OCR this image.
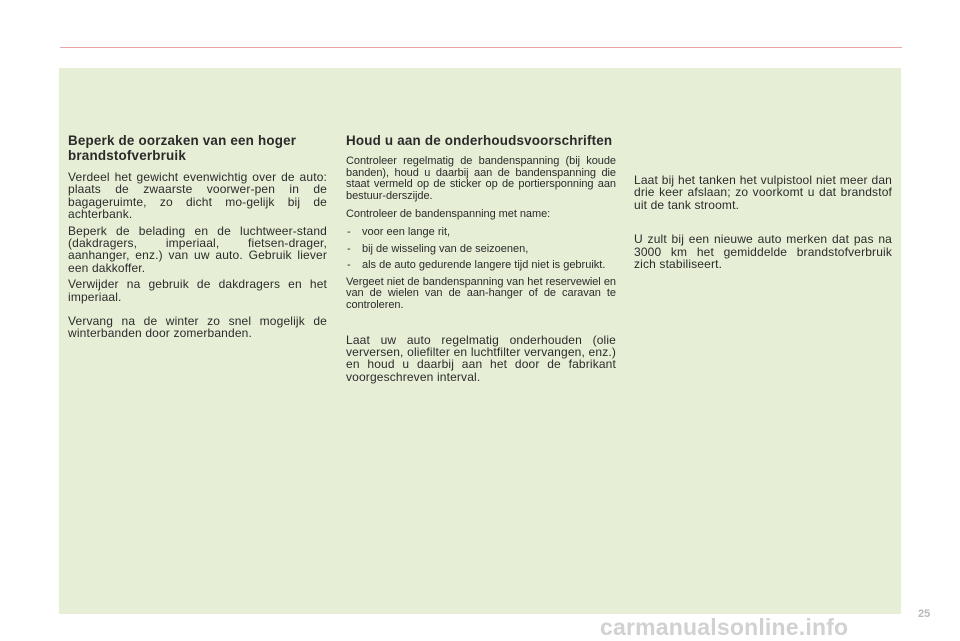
Beperk de oorzaken van een hoger brandstofverbruik

Verdeel het gewicht evenwichtig over de auto: plaats de zwaarste voorwer-pen in de bagageruimte, zo dicht mo-gelijk bij de achterbank.

Beperk de belading en de luchtweer-stand (dakdragers, imperiaal, fietsen-drager, aanhanger, enz.) van uw auto. Gebruik liever een dakkoffer.

Verwijder na gebruik de dakdragers en het imperiaal.

Vervang na de winter zo snel mogelijk de winterbanden door zomerbanden.

Houd u aan de onderhoudsvoorschriften

Controleer regelmatig de bandenspanning (bij koude banden), houd u daarbij aan de bandenspanning die staat vermeld op de sticker op de portiersponning aan bestuur-derszijde.

Controleer de bandenspanning met name:

- voor een lange rit,
- bij de wisseling van de seizoenen,
- als de auto gedurende langere tijd niet is gebruikt.

Vergeet niet de bandenspanning van het reservewiel en van de wielen van de aan-hanger of de caravan te controleren.

Laat uw auto regelmatig onderhouden (olie verversen, oliefilter en luchtfilter vervangen, enz.) en houd u daarbij aan het door de fabrikant voorgeschreven interval.

Laat bij het tanken het vulpistool niet meer dan drie keer afslaan; zo voorkomt u dat brandstof uit de tank stroomt.

U zult bij een nieuwe auto merken dat pas na 3000 km het gemiddelde brandstofverbruik zich stabiliseert.

25
carmanualsonline.info
